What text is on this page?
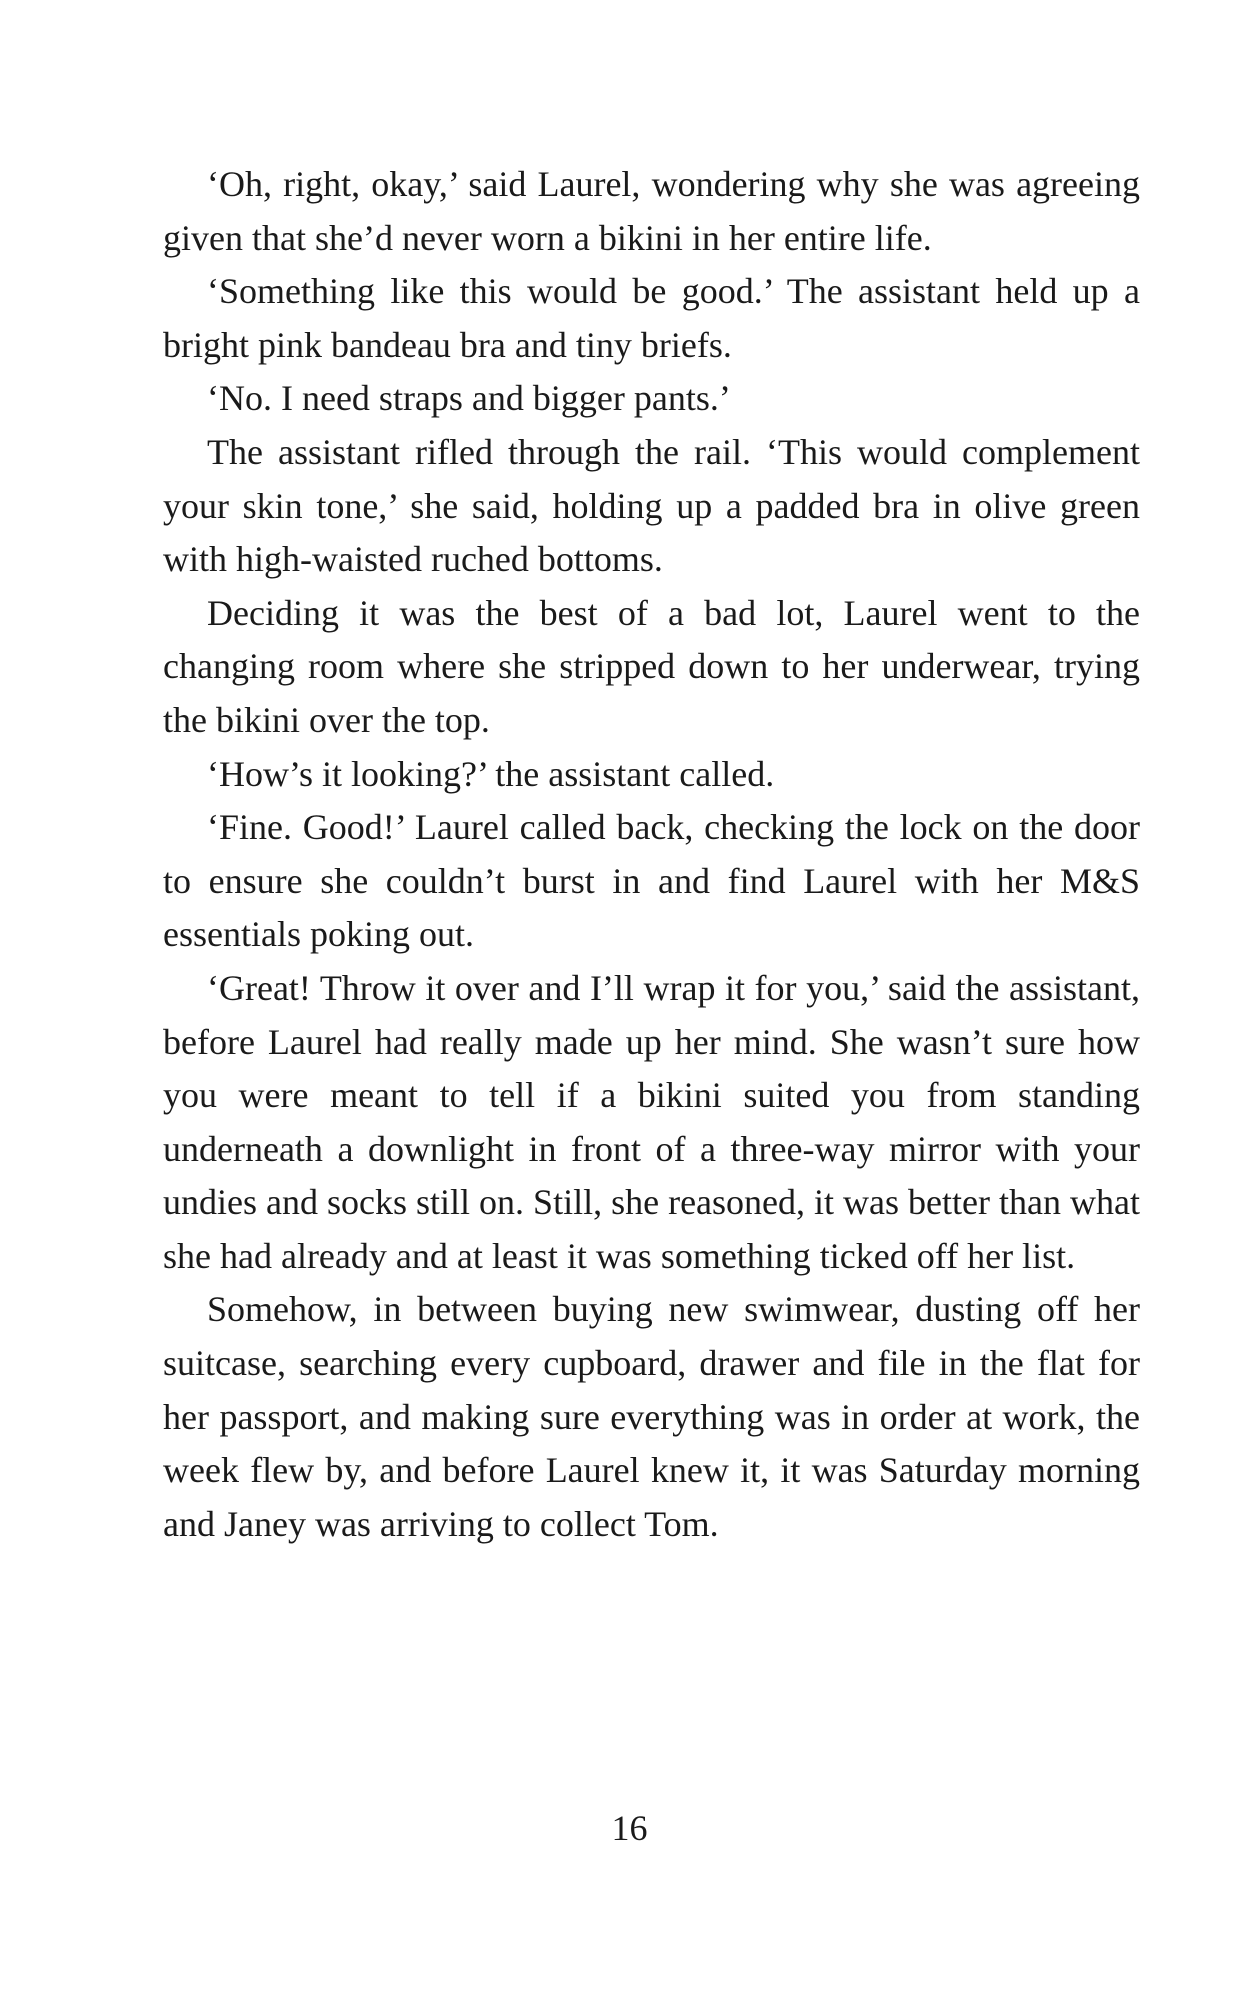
‘Oh, right, okay,’ said Laurel, wondering why she was agreeing given that she’d never worn a bikini in her entire life.

‘Something like this would be good.’ The assistant held up a bright pink bandeau bra and tiny briefs.

‘No. I need straps and bigger pants.’

The assistant rifled through the rail. ‘This would complement your skin tone,’ she said, holding up a padded bra in olive green with high-waisted ruched bottoms.

Deciding it was the best of a bad lot, Laurel went to the changing room where she stripped down to her underwear, trying the bikini over the top.

‘How’s it looking?’ the assistant called.

‘Fine. Good!’ Laurel called back, checking the lock on the door to ensure she couldn’t burst in and find Laurel with her M&S essentials poking out.

‘Great! Throw it over and I’ll wrap it for you,’ said the assistant, before Laurel had really made up her mind. She wasn’t sure how you were meant to tell if a bikini suited you from standing underneath a downlight in front of a three-way mirror with your undies and socks still on. Still, she reasoned, it was better than what she had already and at least it was something ticked off her list.

Somehow, in between buying new swimwear, dusting off her suitcase, searching every cupboard, drawer and file in the flat for her passport, and making sure everything was in order at work, the week flew by, and before Laurel knew it, it was Saturday morning and Janey was arriving to collect Tom.

16
